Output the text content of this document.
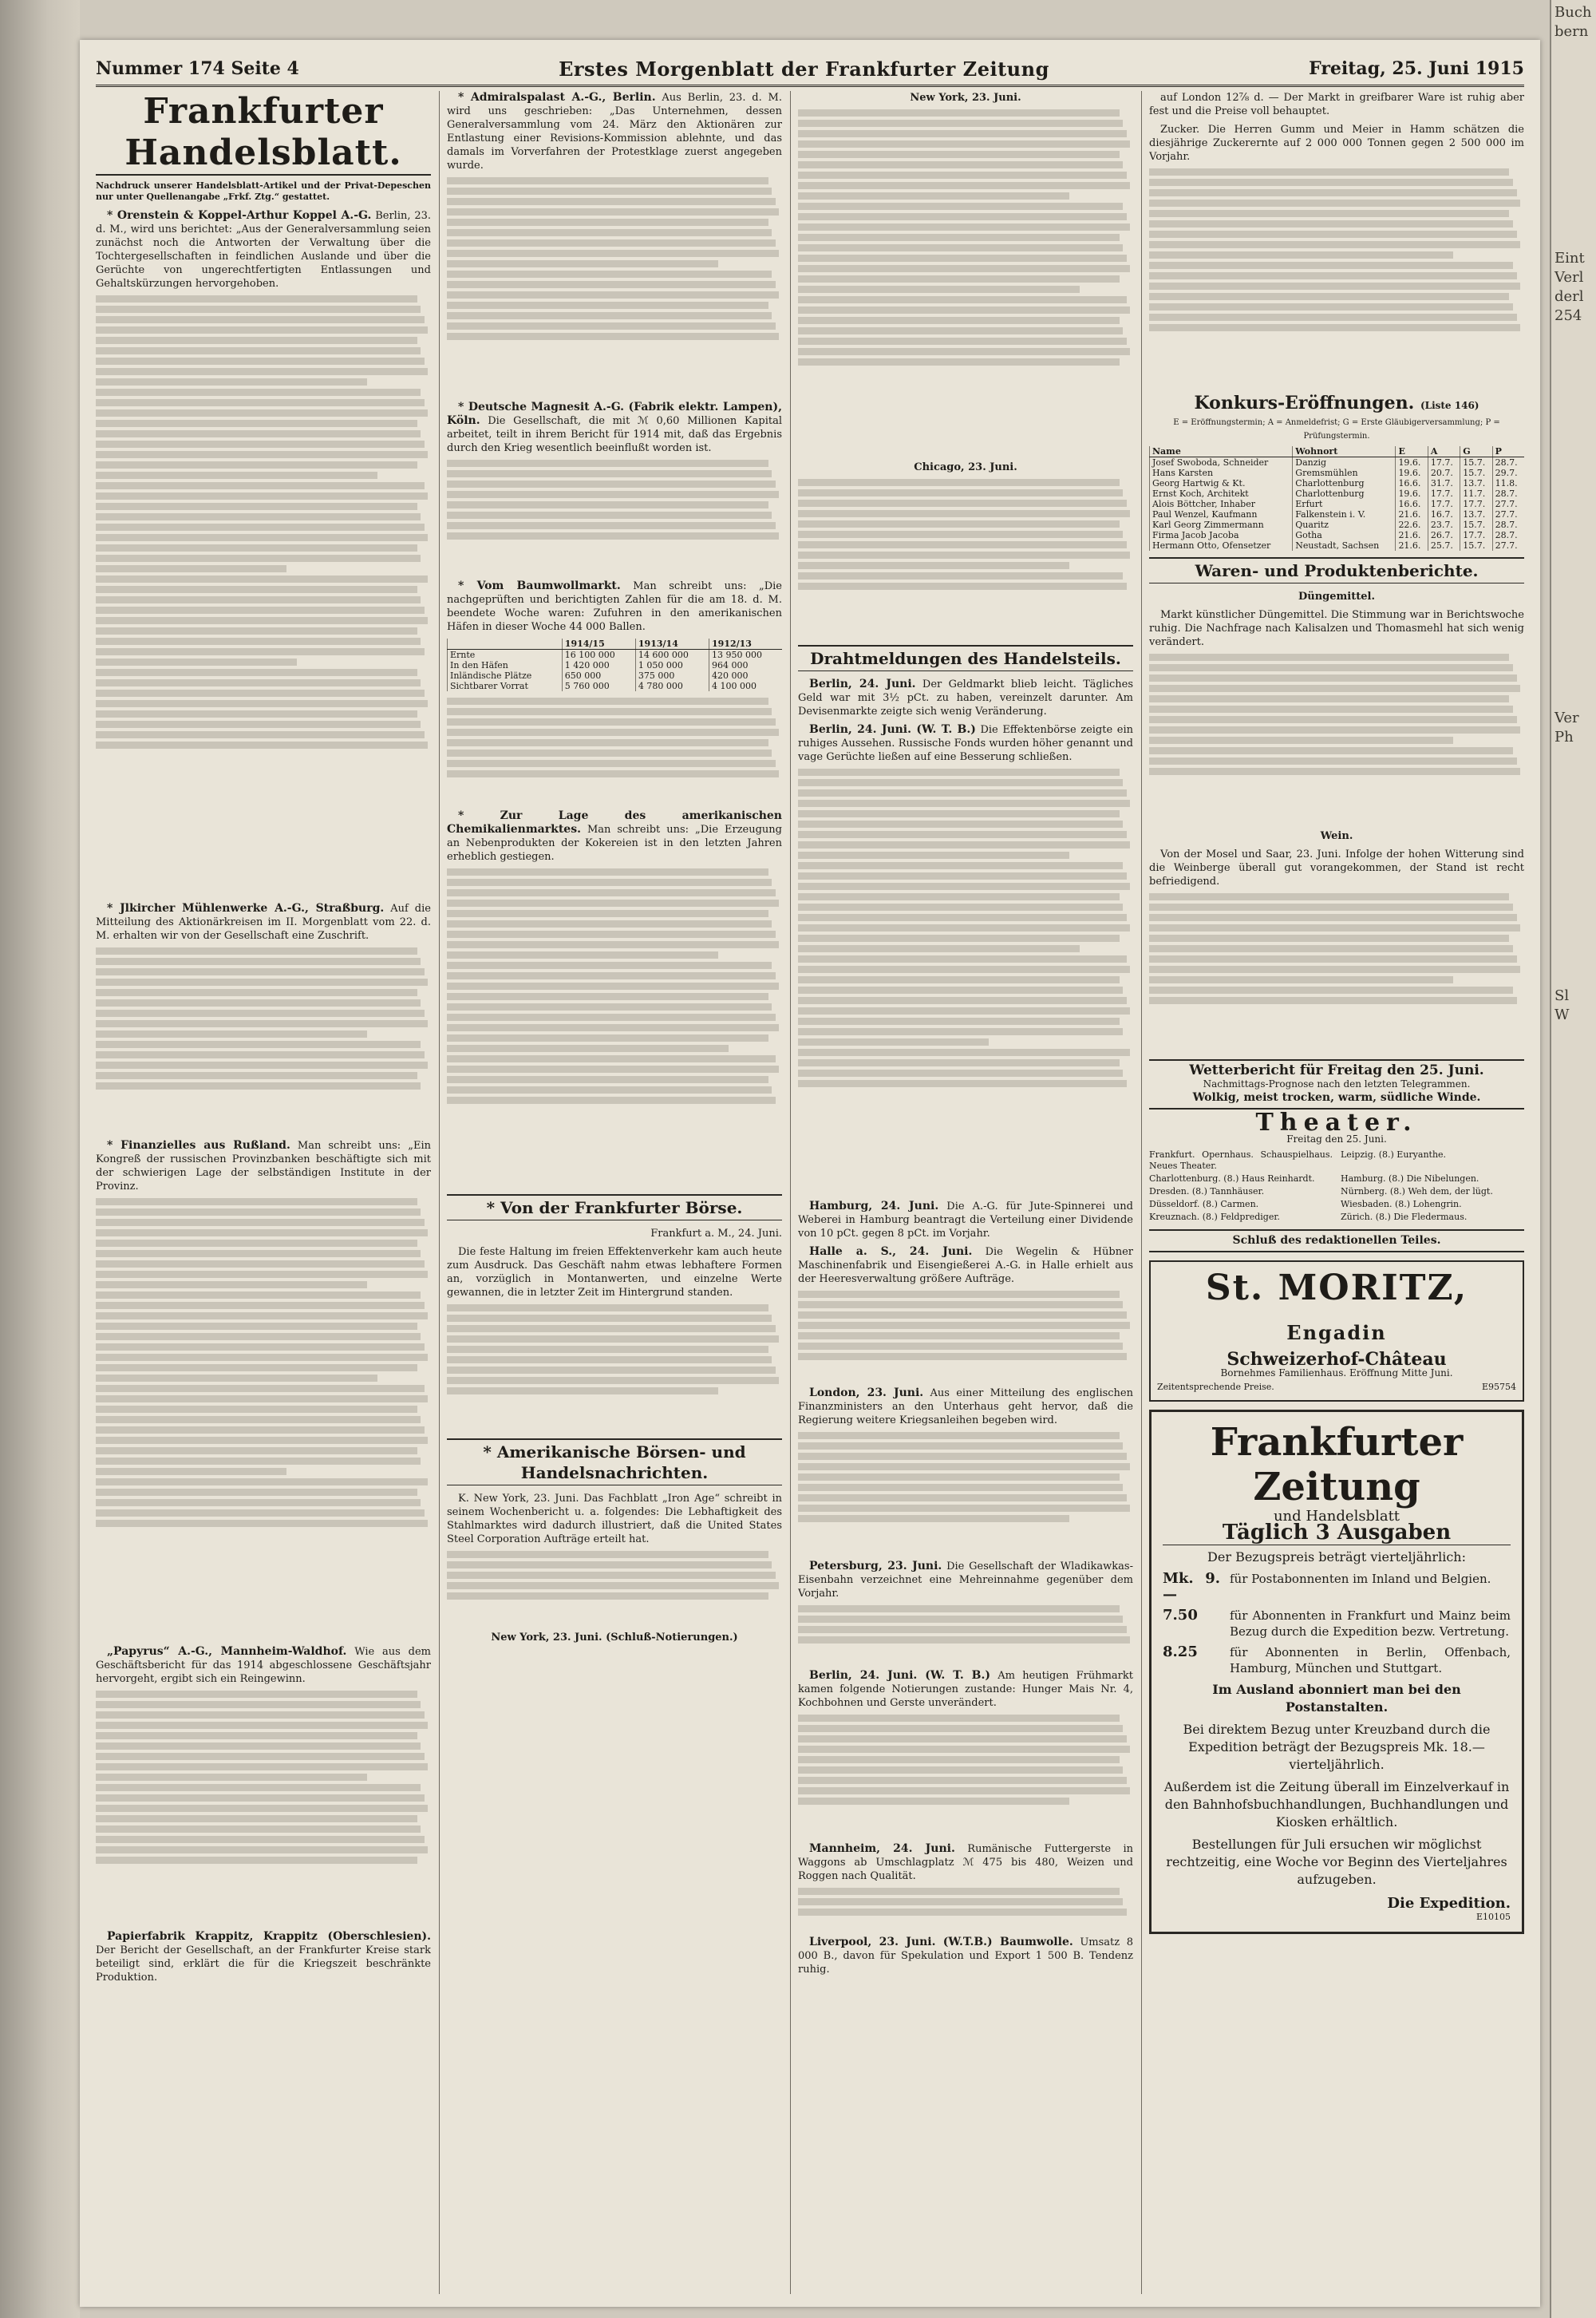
Nummer 174 Seite 4	Erstes Morgenblatt der Frankfurter Zeitung	Freitag, 25. Juni 1915
Frankfurter Handelsblatt.
Nachdruck unserer Handelsblatt-Artikel und der Privat-Depeschen nur unter Quellenangabe „Frkf. Ztg.“ gestattet.

* Orenstein & Koppel-Arthur Koppel A.-G. Berlin, 23. d. M., wird uns berichtet: „Aus der Generalversammlung seien zunächst noch die Antworten der Verwaltung über die Tochtergesellschaften in feindlichen Auslande und über die Gerüchte von ungerechtfertigten Entlassungen und Gehaltskürzungen hervorgehoben.

* Jlkircher Mühlenwerke A.-G., Straßburg. Auf die Mitteilung des Aktionärkreisen im II. Morgenblatt vom 22. d. M. erhalten wir von der Gesellschaft eine Zuschrift.

* Finanzielles aus Rußland. Man schreibt uns: „Ein Kongreß der russischen Provinzbanken beschäftigte sich mit der schwierigen Lage der selbständigen Institute in der Provinz.

„Papyrus“ A.-G., Mannheim-Waldhof. Wie aus dem Geschäftsbericht für das 1914 abgeschlossene Geschäftsjahr hervorgeht, ergibt sich ein Reingewinn.

Papierfabrik Krappitz, Krappitz (Oberschlesien). Der Bericht der Gesellschaft, an der Frankfurter Kreise stark beteiligt sind, erklärt die für die Kriegszeit beschränkte Produktion.

* Admiralspalast A.-G., Berlin. Aus Berlin, 23. d. M. wird uns geschrieben: „Das Unternehmen, dessen Generalversammlung vom 24. März den Aktionären zur Entlastung einer Revisions-Kommission ablehnte, und das damals im Vorverfahren der Protestklage zuerst angegeben wurde.

* Deutsche Magnesit A.-G. (Fabrik elektr. Lampen), Köln. Die Gesellschaft, die mit ℳ 0,60 Millionen Kapital arbeitet, teilt in ihrem Bericht für 1914 mit, daß das Ergebnis durch den Krieg wesentlich beeinflußt worden ist.

* Vom Baumwollmarkt. Man schreibt uns: „Die nachgeprüften und berichtigten Zahlen für die am 18. d. M. beendete Woche waren: Zufuhren in den amerikanischen Häfen in dieser Woche 44 000 Ballen.

	1914/15	1913/14	1912/13
Ernte	16 100 000	14 600 000	13 950 000
In den Häfen	1 420 000	1 050 000	964 000
Inländische Plätze	650 000	375 000	420 000
Sichtbarer Vorrat	5 760 000	4 780 000	4 100 000

* Zur Lage des amerikanischen Chemikalienmarktes. Man schreibt uns: „Die Erzeugung an Nebenprodukten der Kokereien ist in den letzten Jahren erheblich gestiegen.

* Von der Frankfurter Börse.

Frankfurt a. M., 24. Juni.

Die feste Haltung im freien Effektenverkehr kam auch heute zum Ausdruck. Das Geschäft nahm etwas lebhaftere Formen an, vorzüglich in Montanwerten, und einzelne Werte gewannen, die in letzter Zeit im Hintergrund standen.

* Amerikanische Börsen- und Handelsnachrichten.

K. New York, 23. Juni. Das Fachblatt „Iron Age“ schreibt in seinem Wochenbericht u. a. folgendes: Die Lebhaftigkeit des Stahlmarktes wird dadurch illustriert, daß die United States Steel Corporation Aufträge erteilt hat.

New York, 23. Juni. (Schluß-Notierungen.)

New York, 23. Juni.

Chicago, 23. Juni.

Drahtmeldungen des Handelsteils.

Berlin, 24. Juni. Der Geldmarkt blieb leicht. Tägliches Geld war mit 3½ pCt. zu haben, vereinzelt darunter. Am Devisenmarkte zeigte sich wenig Veränderung.

Berlin, 24. Juni. (W. T. B.) Die Effektenbörse zeigte ein ruhiges Aussehen. Russische Fonds wurden höher genannt und vage Gerüchte ließen auf eine Besserung schließen.

Hamburg, 24. Juni. Die A.-G. für Jute-Spinnerei und Weberei in Hamburg beantragt die Verteilung einer Dividende von 10 pCt. gegen 8 pCt. im Vorjahr.

Halle a. S., 24. Juni. Die Wegelin & Hübner Maschinenfabrik und Eisengießerei A.-G. in Halle erhielt aus der Heeresverwaltung größere Aufträge.

London, 23. Juni. Aus einer Mitteilung des englischen Finanzministers an den Unterhaus geht hervor, daß die Regierung weitere Kriegsanleihen begeben wird.

Petersburg, 23. Juni. Die Gesellschaft der Wladikawkas-Eisenbahn verzeichnet eine Mehreinnahme gegenüber dem Vorjahr.

Berlin, 24. Juni. (W. T. B.) Am heutigen Frühmarkt kamen folgende Notierungen zustande: Hunger Mais Nr. 4, Kochbohnen und Gerste unverändert.

Mannheim, 24. Juni. Rumänische Futtergerste in Waggons ab Umschlagplatz ℳ 475 bis 480, Weizen und Roggen nach Qualität.

Liverpool, 23. Juni. (W.T.B.) Baumwolle. Umsatz 8 000 B., davon für Spekulation und Export 1 500 B. Tendenz ruhig.

auf London 12⅞ d. — Der Markt in greifbarer Ware ist ruhig aber fest und die Preise voll behauptet.

Zucker. Die Herren Gumm und Meier in Hamm schätzen die diesjährige Zuckerernte auf 2 000 000 Tonnen gegen 2 500 000 im Vorjahr.

Konkurs-Eröffnungen. (Liste 146)
E = Eröffnungstermin; A = Anmeldefrist; G = Erste Gläubigerversammlung; P = Prüfungstermin.
Name	Wohnort	E	A	G	P
Josef Swoboda, Schneider	Danzig	19.6.	17.7.	15.7.	28.7.
Hans Karsten	Gremsmühlen	19.6.	20.7.	15.7.	29.7.
Georg Hartwig & Kt.	Charlottenburg	16.6.	31.7.	13.7.	11.8.
Ernst Koch, Architekt	Charlottenburg	19.6.	17.7.	11.7.	28.7.
Alois Böttcher, Inhaber	Erfurt	16.6.	17.7.	17.7.	27.7.
Paul Wenzel, Kaufmann	Falkenstein i. V.	21.6.	16.7.	13.7.	27.7.
Karl Georg Zimmermann	Quaritz	22.6.	23.7.	15.7.	28.7.
Firma Jacob Jacoba	Gotha	21.6.	26.7.	17.7.	28.7.
Hermann Otto, Ofensetzer	Neustadt, Sachsen	21.6.	25.7.	15.7.	27.7.
Waren- und Produktenberichte.

Düngemittel.

Markt künstlicher Düngemittel. Die Stimmung war in Berichtswoche ruhig. Die Nachfrage nach Kalisalzen und Thomasmehl hat sich wenig verändert.

Wein.

Von der Mosel und Saar, 23. Juni. Infolge der hohen Witterung sind die Weinberge überall gut vorangekommen, der Stand ist recht befriedigend.

Wetterbericht für Freitag den 25. Juni.
Nachmittags-Prognose nach den letzten Telegrammen.
Wolkig, meist trocken, warm, südliche Winde.
Theater.
Freitag den 25. Juni.
Frankfurt. Opernhaus. Schauspielhaus. Neues Theater.
Leipzig. (8.) Euryanthe.
Charlottenburg. (8.) Haus Reinhardt.	Hamburg. (8.) Die Nibelungen.
Dresden. (8.) Tannhäuser.	Nürnberg. (8.) Weh dem, der lügt.
Düsseldorf. (8.) Carmen.	Wiesbaden. (8.) Lohengrin.
Kreuznach. (8.) Feldprediger.	Zürich. (8.) Die Fledermaus.
Schluß des redaktionellen Teiles.
St. MORITZ, Engadin
Schweizerhof-Château
Bornehmes Familienhaus. Eröffnung Mitte Juni.
Zeitentsprechende Preise.	E95754
Frankfurter Zeitung
und Handelsblatt
Täglich 3 Ausgaben
Der Bezugspreis beträgt vierteljährlich:
Mk. 9.—
für Postabonnenten im Inland und Belgien.
7.50	für Abonnenten in Frankfurt und Mainz beim Bezug durch die Expedition bezw. Vertretung.
8.25	für Abonnenten in Berlin, Offenbach, Hamburg, München und Stuttgart.
Im Ausland abonniert man bei den Postanstalten.
Bei direktem Bezug unter Kreuzband durch die Expedition beträgt der Bezugspreis Mk. 18.— vierteljährlich.
Außerdem ist die Zeitung überall im Einzelverkauf in den Bahnhofsbuchhandlungen, Buchhandlungen und Kiosken erhältlich.
Bestellungen für Juli ersuchen wir möglichst rechtzeitig, eine Woche vor Beginn des Vierteljahres aufzugeben.
Die Expedition.
E10105
Buch
bern
Eint
Verl
derl
254
Ver
Ph
Sl
W
